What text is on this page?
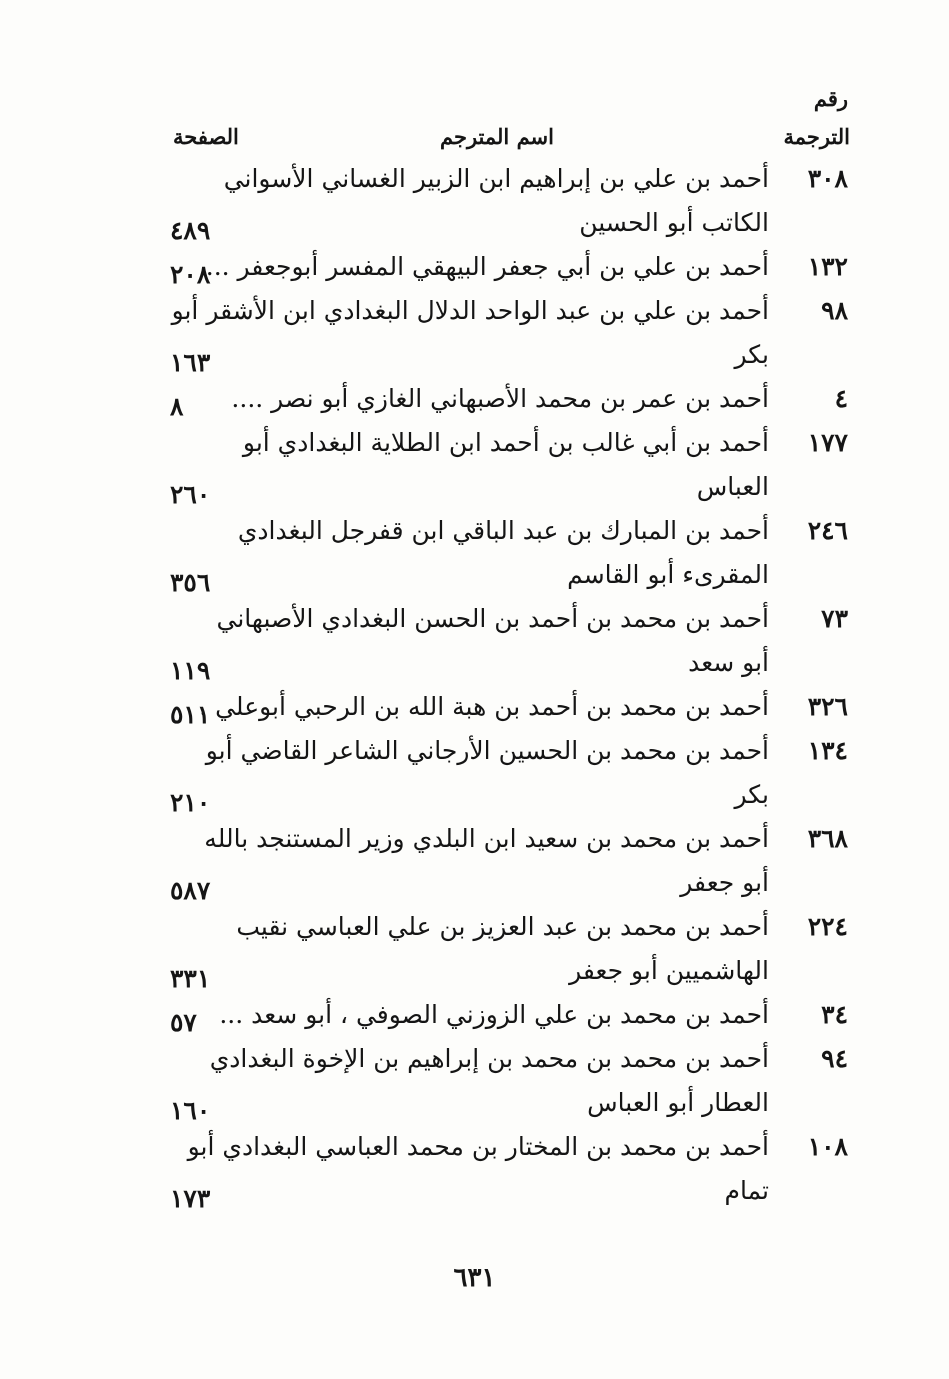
رقم
الترجمة
اسم المترجم
الصفحة
٣٠٨
أحمد بن علي بن إبراهيم ابن الزبير الغساني الأسواني
الكاتب أبو الحسين
٤٨٩
١٣٢
أحمد بن علي بن أبي جعفر البيهقي المفسر أبوجعفر ...
٢٠٨
٩٨
أحمد بن علي بن عبد الواحد الدلال البغدادي ابن الأشقر أبو
بكر
١٦٣
٤
أحمد بن عمر بن محمد الأصبهاني الغازي أبو نصر ....
٨
١٧٧
أحمد بن أبي غالب بن أحمد ابن الطلاية البغدادي أبو
العباس
٢٦٠
٢٤٦
أحمد بن المبارك بن عبد الباقي ابن قفرجل البغدادي
المقرىء أبو القاسم
٣٥٦
٧٣
أحمد بن محمد بن أحمد بن الحسن البغدادي الأصبهاني
أبو سعد
١١٩
٣٢٦
أحمد بن محمد بن أحمد بن هبة الله بن الرحبي أبوعلي .
٥١١
١٣٤
أحمد بن محمد بن الحسين الأرجاني الشاعر القاضي أبو
بكر
٢١٠
٣٦٨
أحمد بن محمد بن سعيد ابن البلدي وزير المستنجد بالله
أبو جعفر
٥٨٧
٢٢٤
أحمد بن محمد بن عبد العزيز بن علي العباسي نقيب
الهاشميين أبو جعفر
٣٣١
٣٤
أحمد بن محمد بن علي الزوزني الصوفي ، أبو سعد ...
٥٧
٩٤
أحمد بن محمد بن محمد بن إبراهيم بن الإخوة البغدادي
العطار أبو العباس
١٦٠
١٠٨
أحمد بن محمد بن المختار بن محمد العباسي البغدادي أبو
تمام
١٧٣
٦٣١
